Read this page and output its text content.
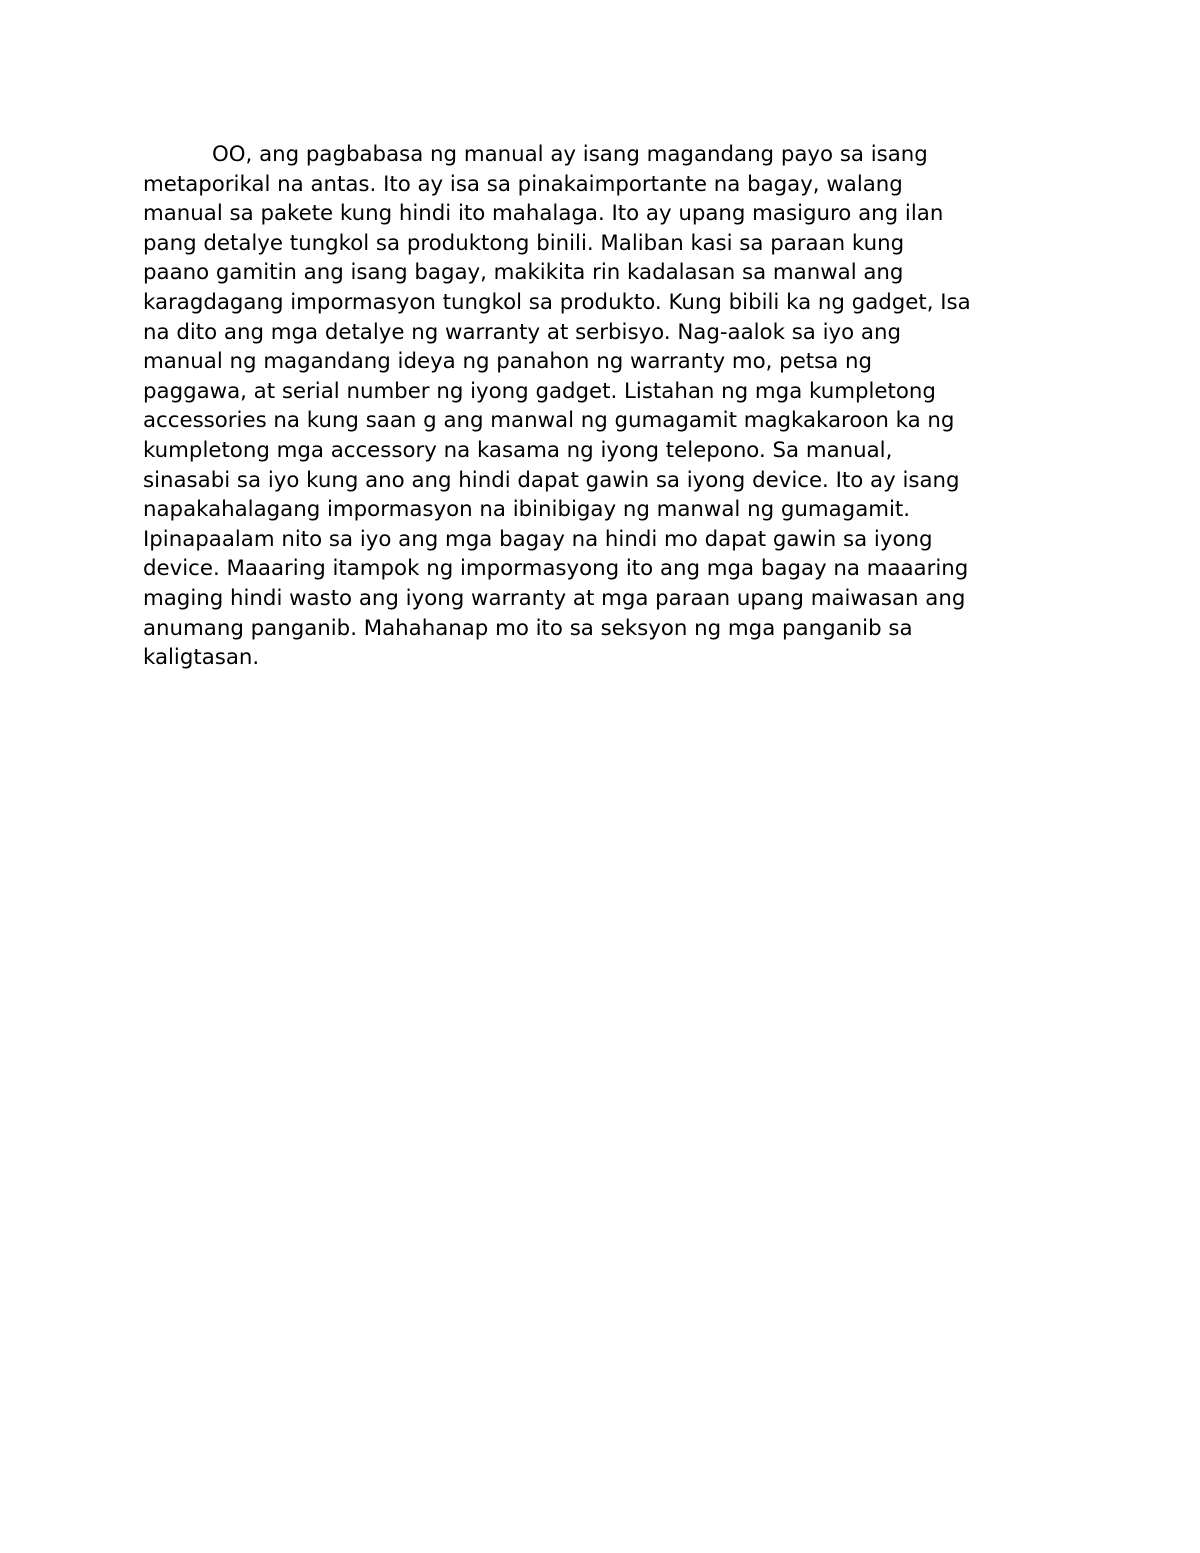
OO, ang pagbabasa ng manual ay isang magandang payo sa isang
metaporikal na antas. Ito ay isa sa pinakaimportante na bagay, walang
manual sa pakete kung hindi ito mahalaga. Ito ay upang masiguro ang ilan
pang detalye tungkol sa produktong binili. Maliban kasi sa paraan kung
paano gamitin ang isang bagay, makikita rin kadalasan sa manwal ang
karagdagang impormasyon tungkol sa produkto. Kung bibili ka ng gadget, Isa
na dito ang mga detalye ng warranty at serbisyo. Nag-aalok sa iyo ang
manual ng magandang ideya ng panahon ng warranty mo, petsa ng
paggawa, at serial number ng iyong gadget. Listahan ng mga kumpletong
accessories na kung saan g ang manwal ng gumagamit magkakaroon ka ng
kumpletong mga accessory na kasama ng iyong telepono. Sa manual,
sinasabi sa iyo kung ano ang hindi dapat gawin sa iyong device. Ito ay isang
napakahalagang impormasyon na ibinibigay ng manwal ng gumagamit.
Ipinapaalam nito sa iyo ang mga bagay na hindi mo dapat gawin sa iyong
device. Maaaring itampok ng impormasyong ito ang mga bagay na maaaring
maging hindi wasto ang iyong warranty at mga paraan upang maiwasan ang
anumang panganib. Mahahanap mo ito sa seksyon ng mga panganib sa
kaligtasan.
